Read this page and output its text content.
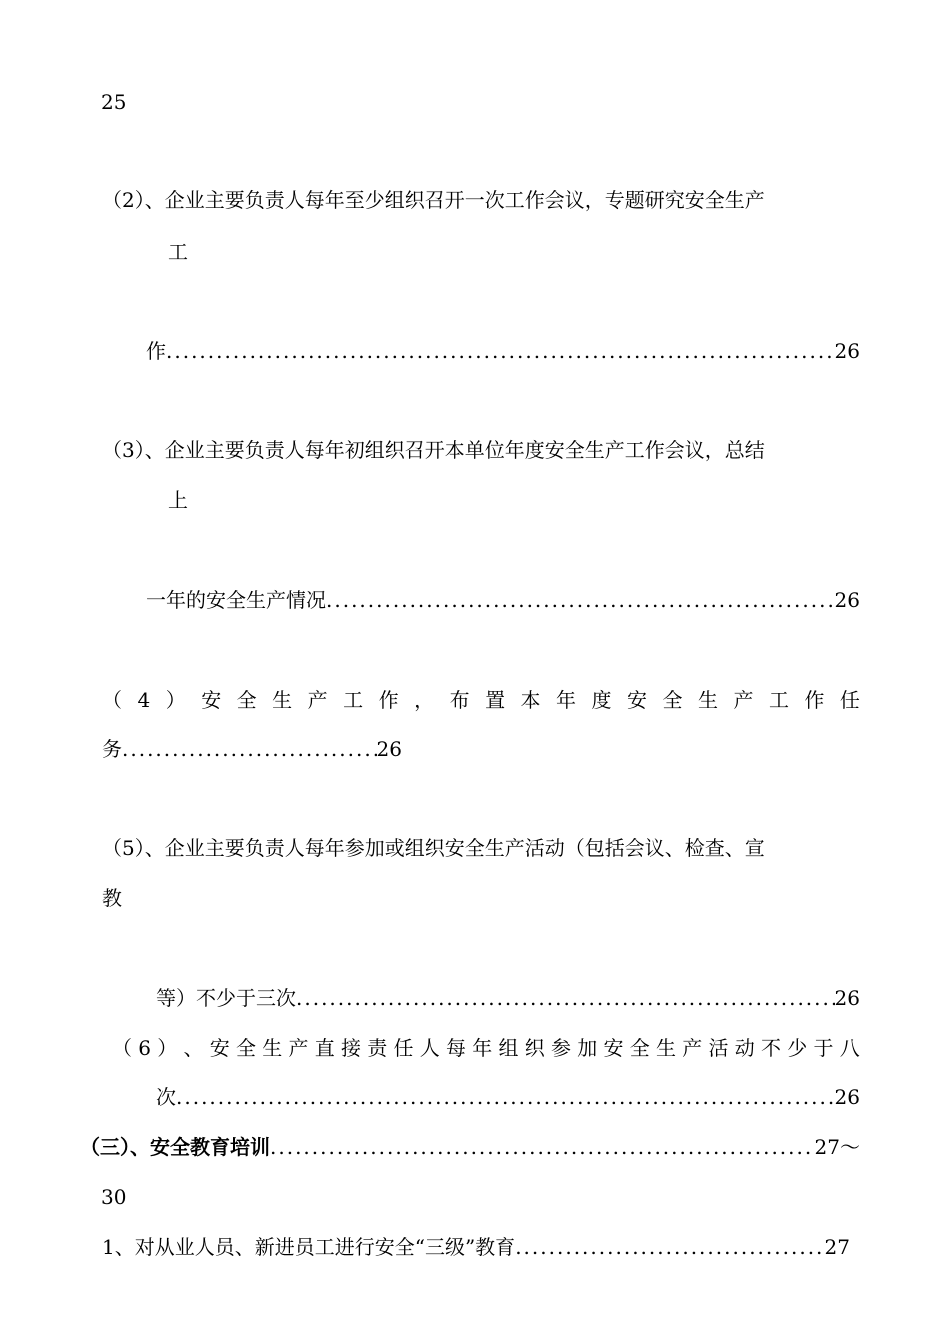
25
（2）、企业主要负责人每年至少组织召开一次工作会议，专题研究安全生产
工
作 .....	26
（3）、企业主要负责人每年初组织召开本单位年度安全生产工作会议，总结
上
一年的安全生产情况 .....	26
（ 4 ） 安 全 生 产 工 作 ， 布 置 本 年 度 安 全 生 产 工 作 任
务 .....	26
（5）、企业主要负责人每年参加或组织安全生产活动（包括会议、检查、宣
教
等）不少于三次 .....	26
（ 6 ） 、 安 全 生 产 直 接 责 任 人 每 年 组 织 参 加 安 全 生 产 活 动 不 少 于 八
次 .....	26
（三）、安全教育培训 .....	27～
30
1、对从业人员、新进员工进行安全“三级”教育 .....	27
